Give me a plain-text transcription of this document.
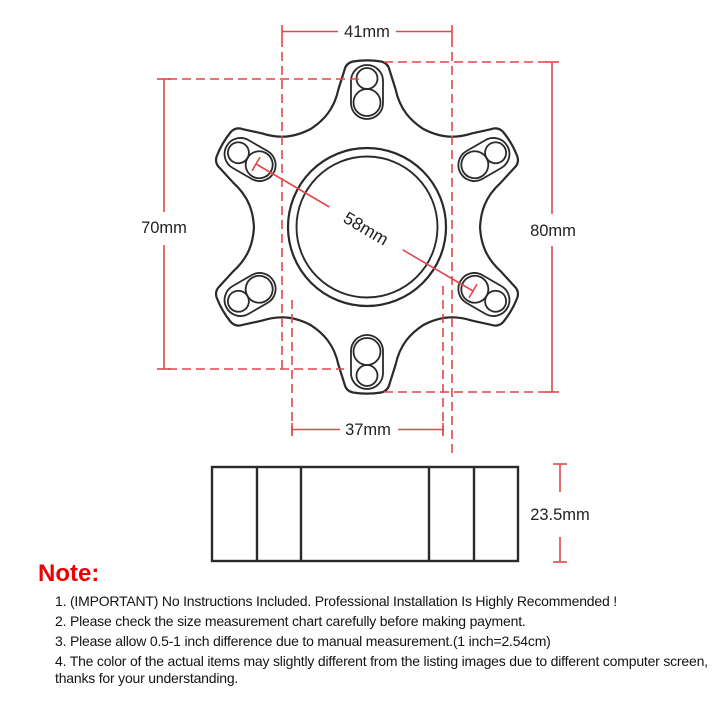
41mm
70mm	80mm
58mm
37mm
23.5mm
Note:
1. (IMPORTANT) No Instructions Included. Professional Installation Is Highly Recommended !
2. Please check the size measurement chart carefully before making payment.
3. Please allow 0.5-1 inch difference due to manual measurement.(1 inch=2.54cm)
4. The color of the actual items may slightly different from the listing images due to different computer screen, thanks for your understanding.
